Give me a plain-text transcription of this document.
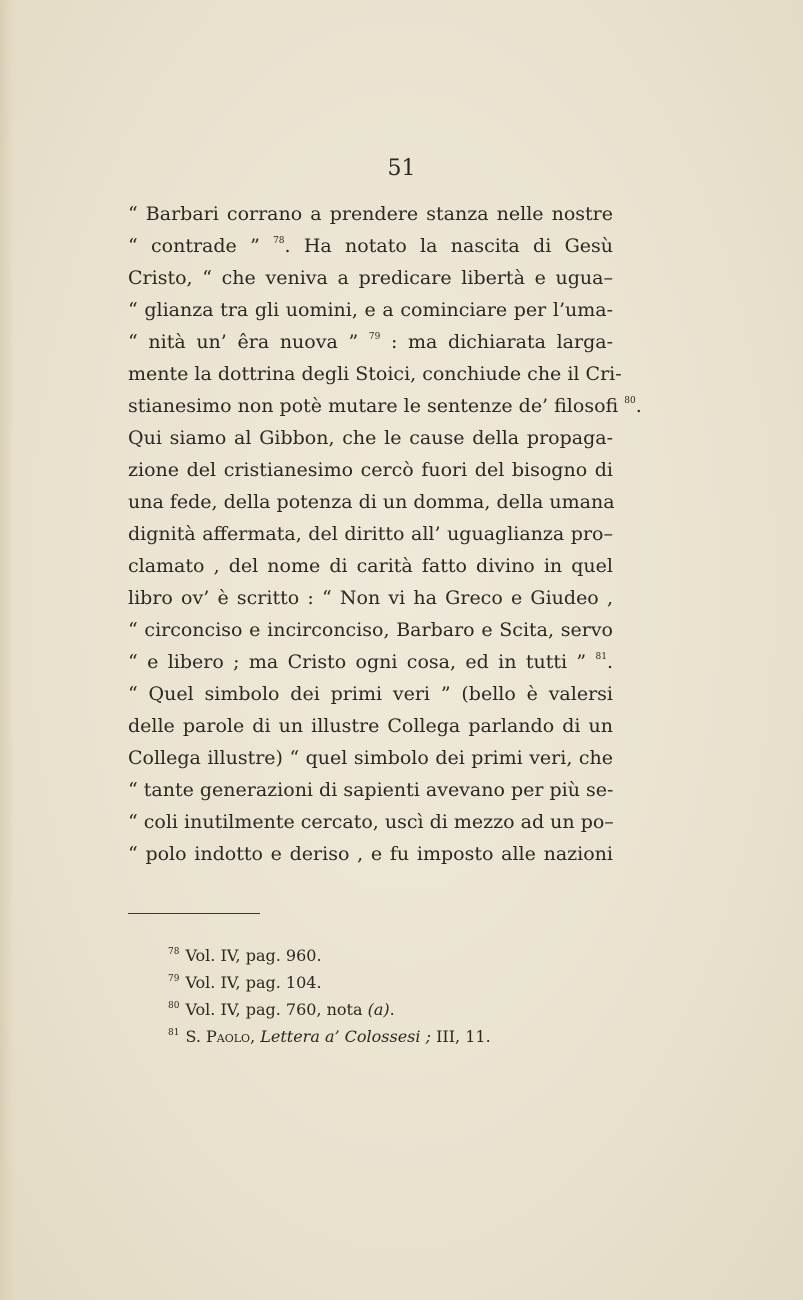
51
“ Barbari corrano a prendere stanza nelle nostre
“ contrade ” $^{78}$. Ha notato la nascita di Gesù
Cristo, “ che veniva a predicare libertà e ugua–
“ glianza tra gli uomini, e a cominciare per l’uma-
“ nità un’ êra nuova ” $^{79}$ : ma dichiarata larga-
mente la dottrina degli Stoici, conchiude che il Cri-
stianesimo non potè mutare le sentenze de’ filosofi $^{80}$.
Qui siamo al Gibbon, che le cause della propaga-
zione del cristianesimo cercò fuori del bisogno di
una fede, della potenza di un domma, della umana
dignità affermata, del diritto all’ uguaglianza pro–
clamato , del nome di carità fatto divino in quel
libro ov’ è scritto : “ Non vi ha Greco e Giudeo ,
“ circonciso e incirconciso, Barbaro e Scita, servo
“ e libero ; ma Cristo ogni cosa, ed in tutti ” $^{81}$.
“ Quel simbolo dei primi veri ” (bello è valersi
delle parole di un illustre Collega parlando di un
Collega illustre) “ quel simbolo dei primi veri, che
“ tante generazioni di sapienti avevano per più se-
“ coli inutilmente cercato, uscì di mezzo ad un po–
“ polo indotto e deriso , e fu imposto alle nazioni
$^{78}$ Vol. IV, pag. 960.
$^{79}$ Vol. IV, pag. 104.
$^{80}$ Vol. IV, pag. 760, nota (a).
$^{81}$ S. Paolo, Lettera a’ Colossesi ; III, 11.
